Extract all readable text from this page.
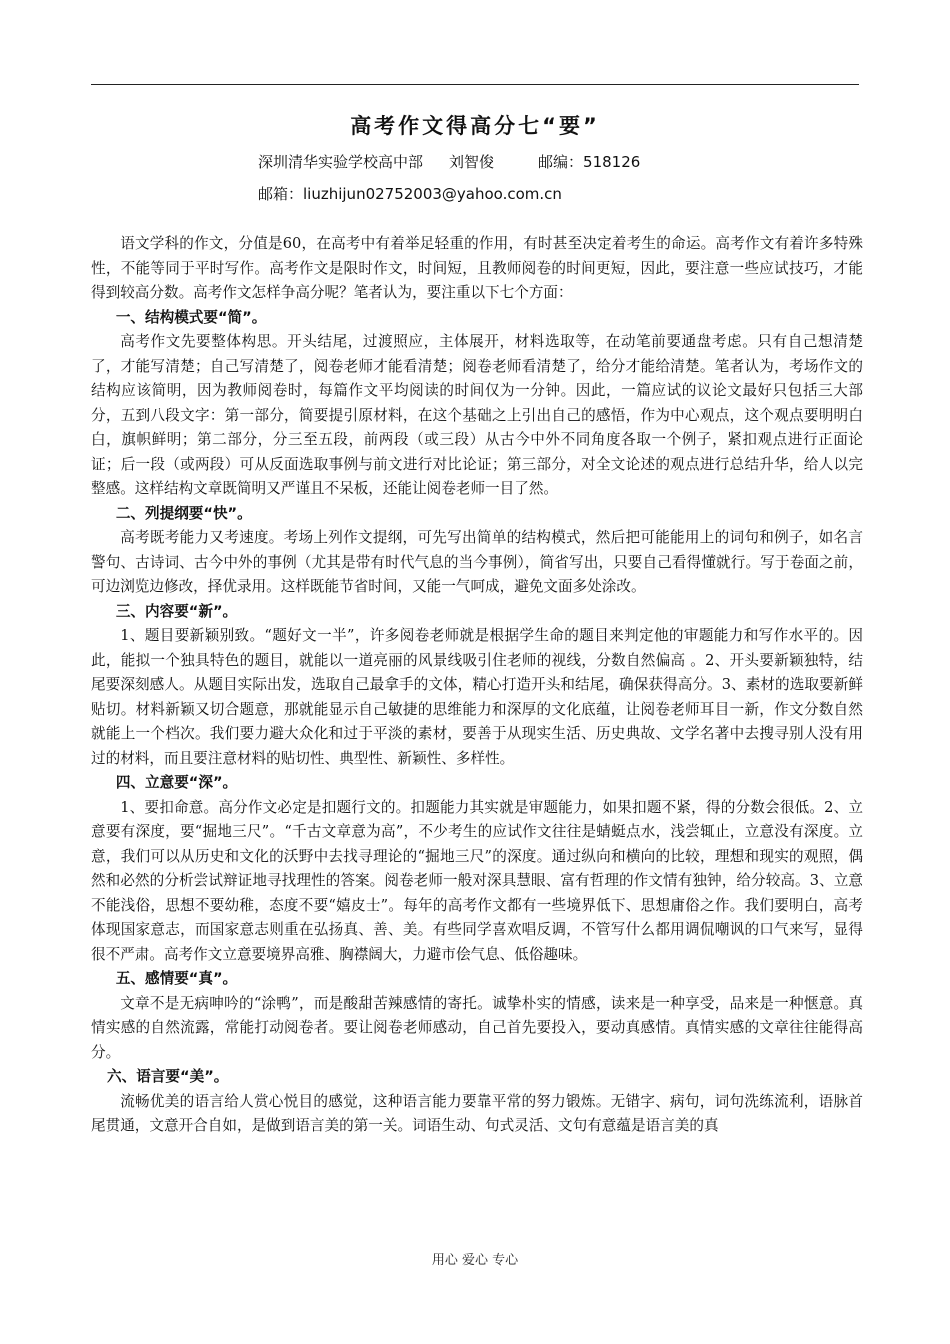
高考作文得高分七“要”
深圳清华实验学校高中部 刘智俊	邮编：518126
邮箱：liuzhijun02752003@yahoo.com.cn

语文学科的作文，分值是60，在高考中有着举足轻重的作用，有时甚至决定着考生的命运。高考作文有着许多特殊性，不能等同于平时写作。高考作文是限时作文，时间短，且教师阅卷的时间更短，因此，要注意一些应试技巧，才能得到较高分数。高考作文怎样争高分呢？笔者认为，要注重以下七个方面：

一、结构模式要“简”。

高考作文先要整体构思。开头结尾，过渡照应，主体展开，材料选取等，在动笔前要通盘考虑。只有自己想清楚了，才能写清楚；自己写清楚了，阅卷老师才能看清楚；阅卷老师看清楚了，给分才能给清楚。笔者认为，考场作文的结构应该简明，因为教师阅卷时，每篇作文平均阅读的时间仅为一分钟。因此，一篇应试的议论文最好只包括三大部分，五到八段文字：第一部分，简要提引原材料，在这个基础之上引出自己的感悟，作为中心观点，这个观点要明明白白，旗帜鲜明；第二部分，分三至五段，前两段（或三段）从古今中外不同角度各取一个例子，紧扣观点进行正面论证；后一段（或两段）可从反面选取事例与前文进行对比论证；第三部分，对全文论述的观点进行总结升华，给人以完整感。这样结构文章既简明又严谨且不呆板，还能让阅卷老师一目了然。

二、列提纲要“快”。

高考既考能力又考速度。考场上列作文提纲，可先写出简单的结构模式，然后把可能能用上的词句和例子，如名言警句、古诗词、古今中外的事例（尤其是带有时代气息的当今事例），简省写出，只要自己看得懂就行。写于卷面之前，可边浏览边修改，择优录用。这样既能节省时间，又能一气呵成，避免文面多处涂改。

三、内容要“新”。

1、题目要新颖别致。“题好文一半”，许多阅卷老师就是根据学生命的题目来判定他的审题能力和写作水平的。因此，能拟一个独具特色的题目，就能以一道亮丽的风景线吸引住老师的视线，分数自然偏高 。2、开头要新颖独特，结尾要深刻感人。从题目实际出发，选取自己最拿手的文体，精心打造开头和结尾，确保获得高分。3、素材的选取要新鲜贴切。材料新颖又切合题意，那就能显示自己敏捷的思维能力和深厚的文化底蕴，让阅卷老师耳目一新，作文分数自然就能上一个档次。我们要力避大众化和过于平淡的素材，要善于从现实生活、历史典故、文学名著中去搜寻别人没有用过的材料，而且要注意材料的贴切性、典型性、新颖性、多样性。

四、立意要“深”。

1、要扣命意。高分作文必定是扣题行文的。扣题能力其实就是审题能力，如果扣题不紧，得的分数会很低。2、立意要有深度，要“掘地三尺”。“千古文章意为高”，不少考生的应试作文往往是蜻蜓点水，浅尝辄止，立意没有深度。立意，我们可以从历史和文化的沃野中去找寻理论的“掘地三尺”的深度。通过纵向和横向的比较，理想和现实的观照，偶然和必然的分析尝试辩证地寻找理性的答案。阅卷老师一般对深具慧眼、富有哲理的作文情有独钟，给分较高。3、立意不能浅俗，思想不要幼稚，态度不要“嬉皮士”。每年的高考作文都有一些境界低下、思想庸俗之作。我们要明白，高考体现国家意志，而国家意志则重在弘扬真、善、美。有些同学喜欢唱反调，不管写什么都用调侃嘲讽的口气来写，显得很不严肃。高考作文立意要境界高雅、胸襟阔大，力避市侩气息、低俗趣味。

五、感情要“真”。

文章不是无病呻吟的“涂鸭”，而是酸甜苦辣感情的寄托。诚挚朴实的情感，读来是一种享受，品来是一种惬意。真情实感的自然流露，常能打动阅卷者。要让阅卷老师感动，自己首先要投入，要动真感情。真情实感的文章往往能得高分。

六、语言要“美”。

流畅优美的语言给人赏心悦目的感觉，这种语言能力要靠平常的努力锻炼。无错字、病句，词句洗练流利，语脉首尾贯通，文意开合自如，是做到语言美的第一关。词语生动、句式灵活、文句有意蕴是语言美的真

用心 爱心 专心
